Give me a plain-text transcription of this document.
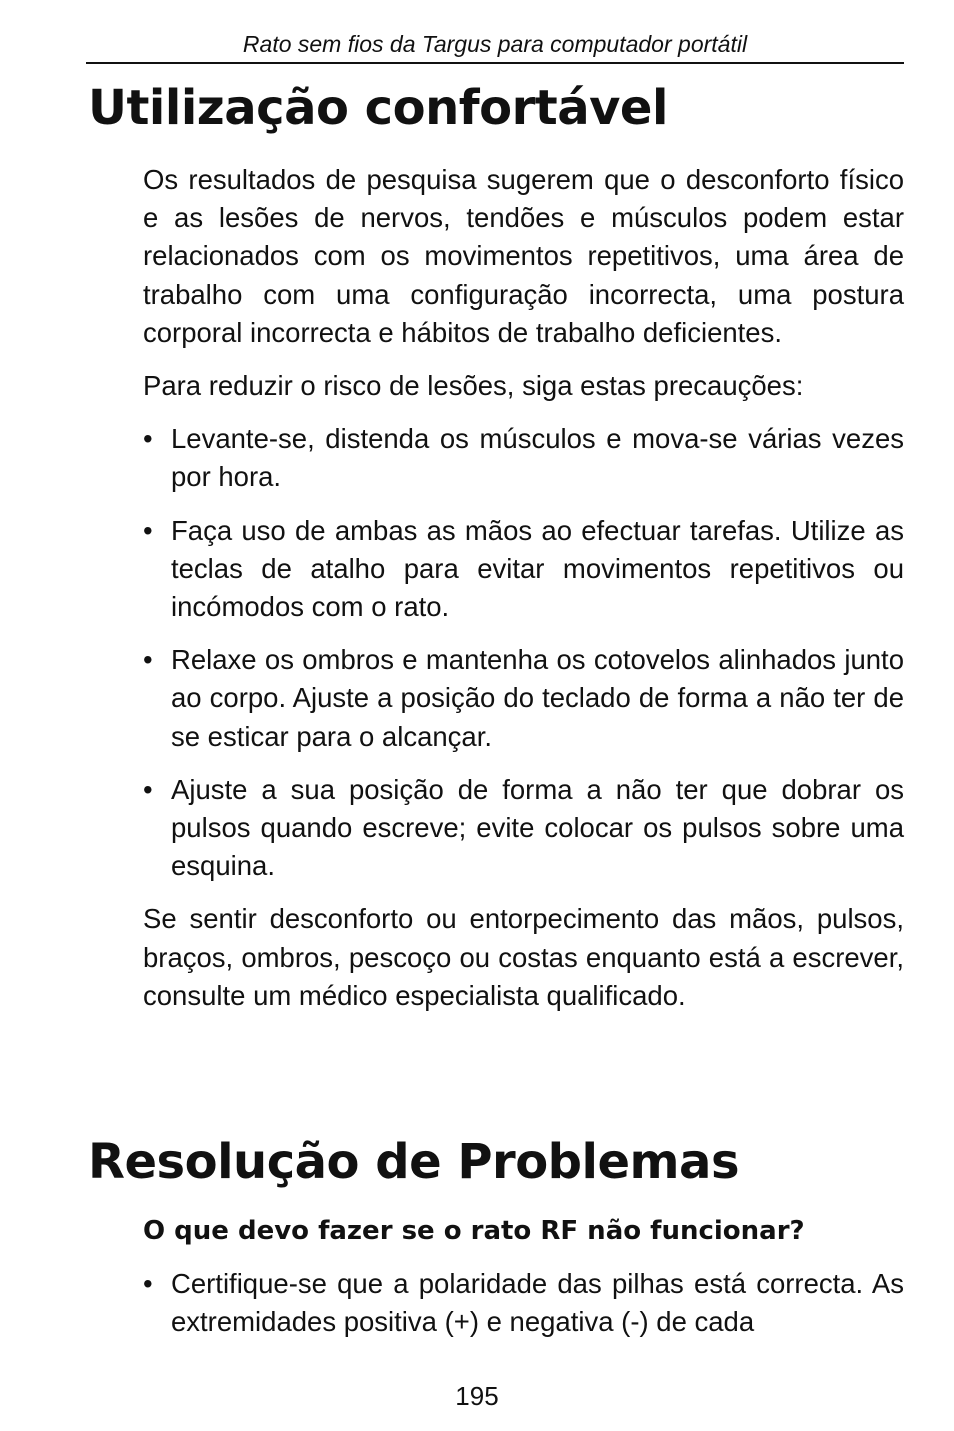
Rato sem fios da Targus para computador portátil
Utilização confortável

Os resultados de pesquisa sugerem que o desconforto físico e as lesões de nervos, tendões e músculos podem estar relacionados com os movimentos repetitivos, uma área de trabalho com uma configuração incorrecta, uma postura corporal incorrecta e hábitos de trabalho deficientes.

Para reduzir o risco de lesões, siga estas precauções:

• Levante-se, distenda os músculos e mova-se várias vezes por hora.
• Faça uso de ambas as mãos ao efectuar tarefas. Utilize as teclas de atalho para evitar movimentos repetitivos ou incómodos com o rato.
• Relaxe os ombros e mantenha os cotovelos alinhados junto ao corpo. Ajuste a posição do teclado de forma a não ter de se esticar para o alcançar.
• Ajuste a sua posição de forma a não ter que dobrar os pulsos quando escreve; evite colocar os pulsos sobre uma esquina.

Se sentir desconforto ou entorpecimento das mãos, pulsos, braços, ombros, pescoço ou costas enquanto está a escrever, consulte um médico especialista qualificado.

Resolução de Problemas
O que devo fazer se o rato RF não funcionar?
• Certifique-se que a polaridade das pilhas está correcta. As extremidades positiva (+) e negativa (-) de cada
195
